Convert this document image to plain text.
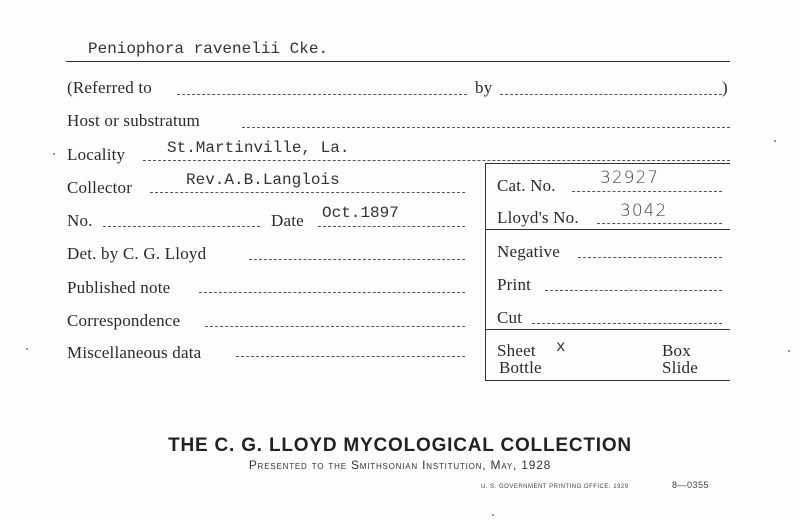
Peniophora ravenelii Cke.
(Referred to	by	)
Host or substratum
Locality	St.Martinville, La.
Collector	Rev.A.B.Langlois
No.	Date Oct.1897
Det. by C. G. Lloyd
Published note
Correspondence
Miscellaneous data
Cat. No.	32927
Lloyd's No. 3042
Negative
Print
Cut
Sheet x	Box
Bottle	Slide
THE C. G. LLOYD MYCOLOGICAL COLLECTION
Presented to the Smithsonian Institution, May, 1928
U. S. GOVERNMENT PRINTING OFFICE: 1929	8—0355
